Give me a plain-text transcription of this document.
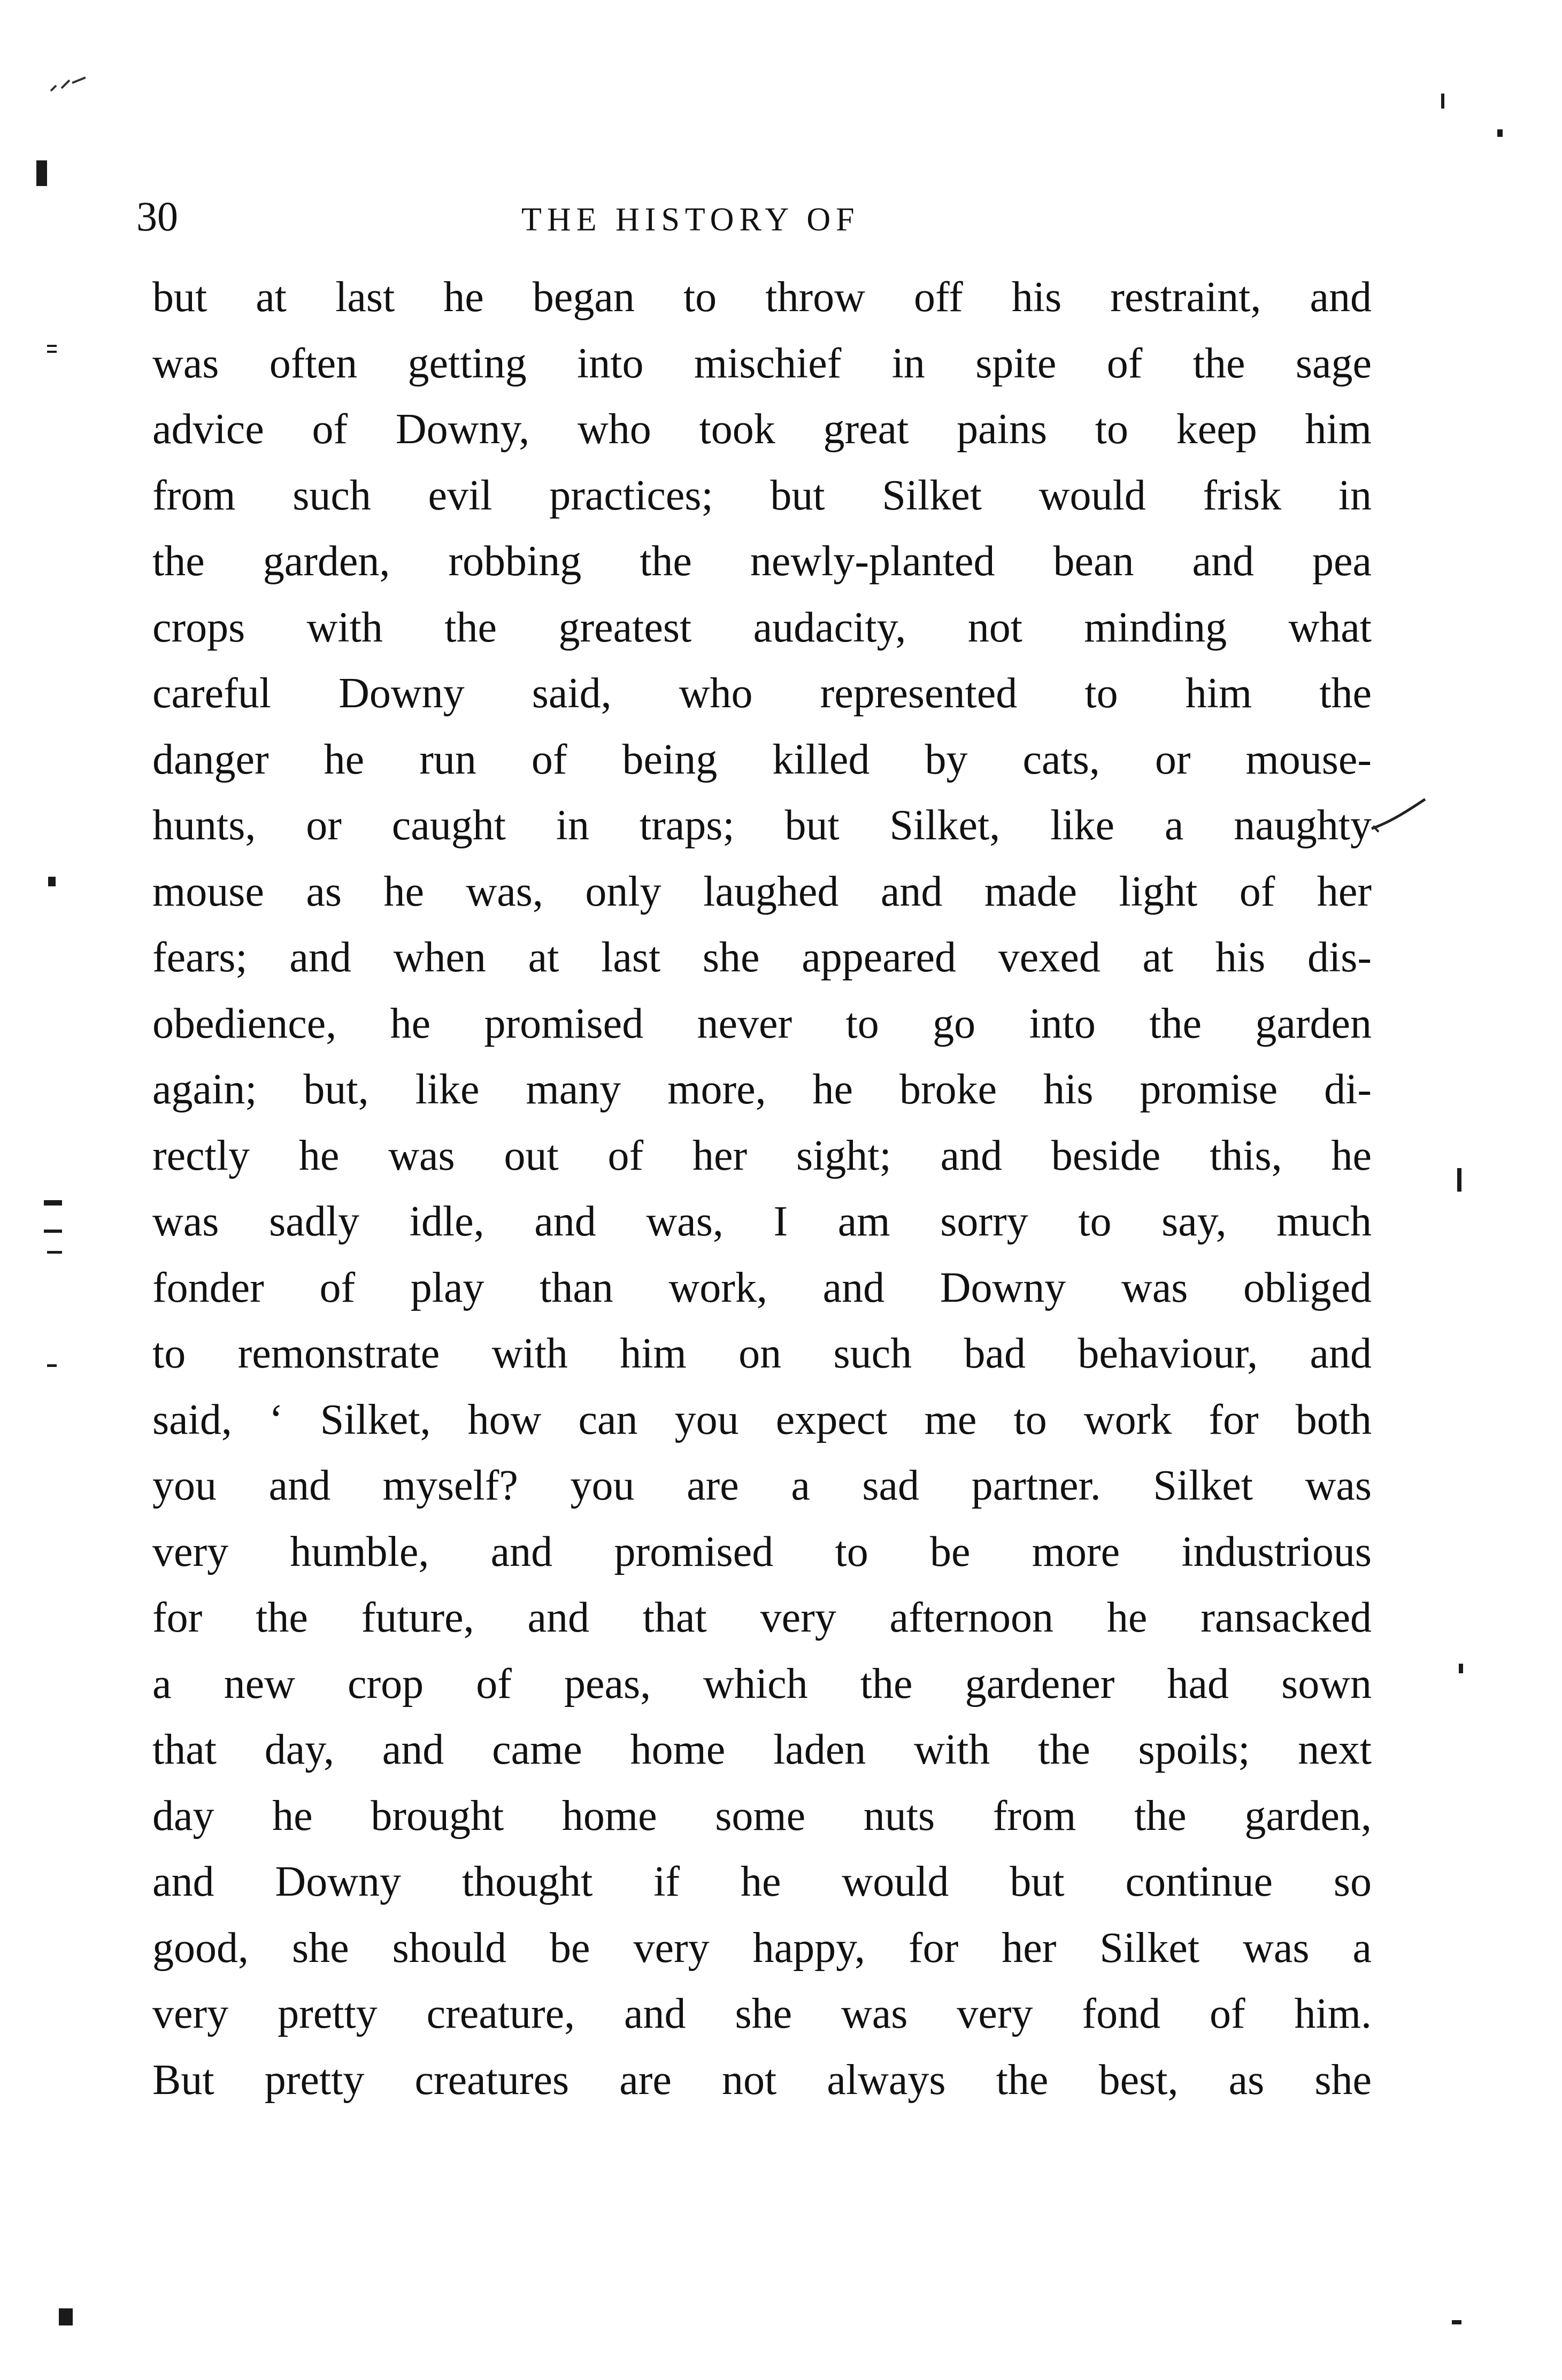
30	THE HISTORY OF
but at last he began to throw off his restraint, and
was often getting into mischief in spite of the sage
advice of Downy, who took great pains to keep him
from such evil practices; but Silket would frisk in
the garden, robbing the newly-planted bean and pea
crops with the greatest audacity, not minding what
careful Downy said, who represented to him the
danger he run of being killed by cats, or mouse-
hunts, or caught in traps; but Silket, like a naughty
mouse as he was, only laughed and made light of her
fears; and when at last she appeared vexed at his dis-
obedience, he promised never to go into the garden
again; but, like many more, he broke his promise di-
rectly he was out of her sight; and beside this, he
was sadly idle, and was, I am sorry to say, much
fonder of play than work, and Downy was obliged
to remonstrate with him on such bad behaviour, and
said, ‘ Silket, how can you expect me to work for both
you and myself? you are a sad partner. Silket was
very humble, and promised to be more industrious
for the future, and that very afternoon he ransacked
a new crop of peas, which the gardener had sown
that day, and came home laden with the spoils; next
day he brought home some nuts from the garden,
and Downy thought if he would but continue so
good, she should be very happy, for her Silket was a
very pretty creature, and she was very fond of him.
But pretty creatures are not always the best, as she
